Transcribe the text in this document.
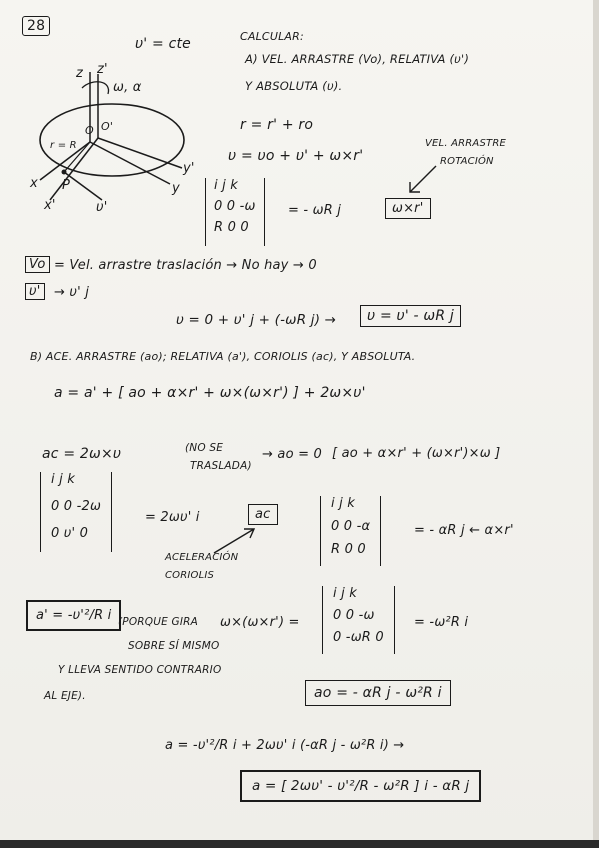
28
υ' = cte	CALCULAR:
A) VEL. ARRASTRE (Vo), RELATIVA (υ')
Y ABSOLUTA (υ).
z z'
ω, α
O O'
r = R
y'
y
x
x'
P
υ'
r = r' + ro
υ = υo + υ' + ω×r'
VEL. ARRASTRE
ROTACIÓN
i j k
0 0 -ω
R 0 0
= - ωR j	ω×r'
Vo = Vel. arrastre traslación → No hay → 0
υ'	→ υ' j
υ = 0 + υ' j + (-ωR j) →	υ = υ' - ωR j
B) ACE. ARRASTRE (ao); RELATIVA (a'), CORIOLIS (ac), Y ABSOLUTA.
a = a' + [ ao + α×r' + ω×(ω×r') ] + 2ω×υ'
ac = 2ω×υ	(NO SE
TRASLADA)
→ ao = 0 [ ao + α×r' + (ω×r')×ω ]
i j k
0 0 -2ω
0 υ' 0
= 2ωυ' i	ac
ACELERACIÓN
CORIOLIS
i j k
0 0 -α
R 0 0
= - αR j ← α×r'
a' = -υ'²/R i (PORQUE GIRA
SOBRE SÍ MISMO
Y LLEVA SENTIDO CONTRARIO
AL EJE).
ω×(ω×r') =
i j k
0 0 -ω
0 -ωR 0
= -ω²R i
ao = - αR j - ω²R i
a = -υ'²/R i + 2ωυ' i (-αR j - ω²R i) →
a = [ 2ωυ' - υ'²/R - ω²R ] i - αR j
